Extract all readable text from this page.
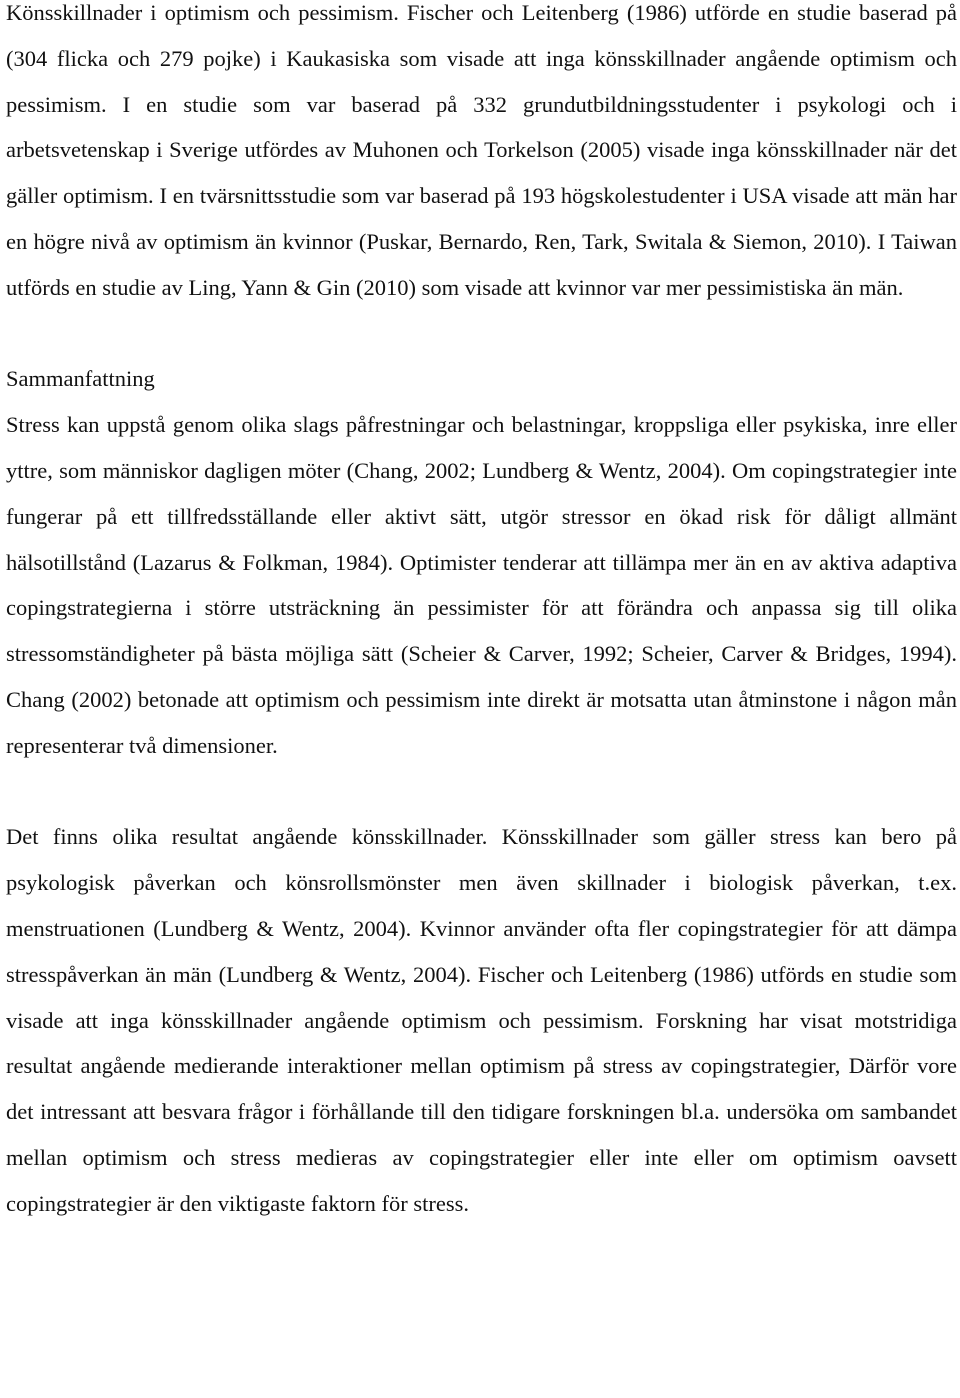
Könsskillnader i optimism och pessimism. Fischer och Leitenberg (1986) utförde en studie baserad på (304 flicka och 279 pojke) i Kaukasiska som visade att inga könsskillnader angående optimism och pessimism. I en studie som var baserad på 332 grundutbildningsstudenter i psykologi och i arbetsvetenskap i Sverige utfördes av Muhonen och Torkelson (2005) visade inga könsskillnader när det gäller optimism. I en tvärsnittsstudie som var baserad på 193 högskolestudenter i USA visade att män har en högre nivå av optimism än kvinnor (Puskar, Bernardo, Ren, Tark, Switala & Siemon, 2010). I Taiwan utförds en studie av Ling, Yann & Gin (2010) som visade att kvinnor var mer pessimistiska än män.

Sammanfattning

Stress kan uppstå genom olika slags påfrestningar och belastningar, kroppsliga eller psykiska, inre eller yttre, som människor dagligen möter (Chang, 2002; Lundberg & Wentz, 2004). Om copingstrategier inte fungerar på ett tillfredsställande eller aktivt sätt, utgör stressor en ökad risk för dåligt allmänt hälsotillstånd (Lazarus & Folkman, 1984). Optimister tenderar att tillämpa mer än en av aktiva adaptiva copingstrategierna i större utsträckning än pessimister för att förändra och anpassa sig till olika stressomständigheter på bästa möjliga sätt (Scheier & Carver, 1992; Scheier, Carver & Bridges, 1994). Chang (2002) betonade att optimism och pessimism inte direkt är motsatta utan åtminstone i någon mån representerar två dimensioner.

Det finns olika resultat angående könsskillnader. Könsskillnader som gäller stress kan bero på psykologisk påverkan och könsrollsmönster men även skillnader i biologisk påverkan, t.ex. menstruationen (Lundberg & Wentz, 2004). Kvinnor använder ofta fler copingstrategier för att dämpa stresspåverkan än män (Lundberg & Wentz, 2004). Fischer och Leitenberg (1986) utförds en studie som visade att inga könsskillnader angående optimism och pessimism. Forskning har visat motstridiga resultat angående medierande interaktioner mellan optimism på stress av copingstrategier, Därför vore det intressant att besvara frågor i förhållande till den tidigare forskningen bl.a. undersöka om sambandet mellan optimism och stress medieras av copingstrategier eller inte eller om optimism oavsett copingstrategier är den viktigaste faktorn för stress.
